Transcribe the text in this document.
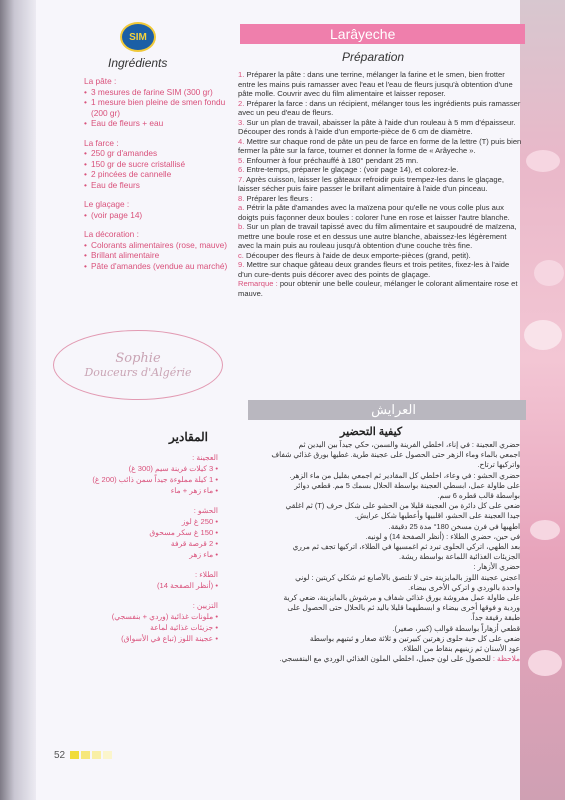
SIM
Ingrédients
La pâte :
• 3 mesures de farine SIM (300 gr)
• 1 mesure bien pleine de smen fondu (200 gr)
• Eau de fleurs + eau
La farce :
• 250 gr d'amandes
• 150 gr de sucre cristallisé
• 2 pincées de cannelle
• Eau de fleurs
Le glaçage :
• (voir page 14)
La décoration :
• Colorants alimentaires (rose, mauve)
• Brillant alimentaire
• Pâte d'amandes (vendue au marché)
Sophie
Douceurs d'Algérie
Larâyeche
Préparation

1. Préparer la pâte : dans une terrine, mélanger la farine et le smen, bien frotter entre les mains puis ramasser avec l'eau et l'eau de fleurs jusqu'à obtention d'une pâte molle. Couvrir avec du film alimentaire et laisser reposer.

2. Préparer la farce : dans un récipient, mélanger tous les ingrédients puis ramasser avec un peu d'eau de fleurs.

3. Sur un plan de travail, abaisser la pâte à l'aide d'un rouleau à 5 mm d'épaisseur. Découper des ronds à l'aide d'un emporte-pièce de 6 cm de diamètre.

4. Mettre sur chaque rond de pâte un peu de farce en forme de la lettre (T) puis bien fermer la pâte sur la farce, tourner et donner la forme de « Arâyeche ».

5. Enfourner à four préchauffé à 180° pendant 25 mn.

6. Entre-temps, préparer le glaçage : (voir page 14), et colorez-le.

7. Après cuisson, laisser les gâteaux refroidir puis trempez-les dans le glaçage, laisser sécher puis faire passer le brillant alimentaire à l'aide d'un pinceau.

8. Préparer les fleurs :

a. Pétrir la pâte d'amandes avec la maïzena pour qu'elle ne vous colle plus aux doigts puis façonner deux boules : colorer l'une en rose et laisser l'autre blanche.

b. Sur un plan de travail tapissé avec du film alimentaire et saupoudré de maïzena, mettre une boule rose et en dessus une autre blanche, abaissez-les légèrement avec la main puis au rouleau jusqu'à obtention d'une couche très fine.

c. Découper des fleurs à l'aide de deux emporte-pièces (grand, petit).

9. Mettre sur chaque gâteau deux grandes fleurs et trois petites, fixez-les à l'aide d'un cure-dents puis décorer avec des points de glaçage.

Remarque : pour obtenir une belle couleur, mélanger le colorant alimentaire rose et mauve.

العرايش
كيفية التحضير

حضري العجينة : في إناء، اخلطي الفرينة والسمن، حكي جيداً بين اليدين ثم

اجمعي بالماء وماء الزهر حتى الحصول على عجينة طرية. غطيها بورق غذائي شفاف

واتركيها ترتاح.

حضري الحشو : في وعاء، اخلطي كل المقادير ثم اجمعي بقليل من ماء الزهر.

على طاولة عمل، ابسطي العجينة بواسطة الحلال بسمك 5 مم. قطعي دوائر

بواسطة قالب قطره 6 سم.

ضعي على كل دائرة من العجينة قليلا من الحشو على شكل حرف (T) ثم اغلقي

جيدا العجينة على الحشو، اقلبيها وأعطيها شكل عرايش.

اطهيها في فرن مسخن 180° مدة 25 دقيقة.

في حين، حضري الطلاء : (أنظر الصفحة 14) و لونيه.

بعد الطهي، اتركي الحلوى تبرد ثم اغمسيها في الطلاء، اتركيها تجف ثم مرري

الجزيئات الغذائية اللماعة بواسطة ريشة.

حضري الأزهار :

اعجني عجينة اللوز بالمايزينة حتى لا تلتصق بالأصابع ثم شكلي كريتين : لوني

واحدة بالوردي و اتركي الأخرى بيضاء.

على طاولة عمل مفروشة بورق غذائي شفاف و مرشوش بالمايزينة، ضعي كرية

وردية و فوقها أخرى بيضاء و ابسطيهما قليلا باليد ثم بالحلال حتى الحصول على

طبقة رقيقة جداً.

قطعي أزهاراً بواسطة قوالب (كبير، صغير).

ضعي على كل حبة حلوى زهرتين كبيرتين و ثلاثة صغار و ثبتيهم بواسطة

عود الأسنان ثم زينيهم بنقاط من الطلاء.

ملاحظة : للحصول على لون جميل، اخلطي الملون الغذائي الوردي مع البنفسجي.

المقادير
العجينة :
• 3 كيلات فرينة سيم (300 غ)
• 1 كيلة مملوءة جيداً سمن ذائب (200 غ)
• ماء زهر + ماء
الحشو :
• 250 غ لوز
• 150 غ سكر مسحوق
• 2 قرصة قرفة
• ماء زهر
الطلاء :
• (أنظر الصفحة 14)
التزيين :
• ملونات غذائية (وردي + بنفسجي)
• جزيئات غذائية لماعة
• عجينة اللوز (تباع في الأسواق)
52
